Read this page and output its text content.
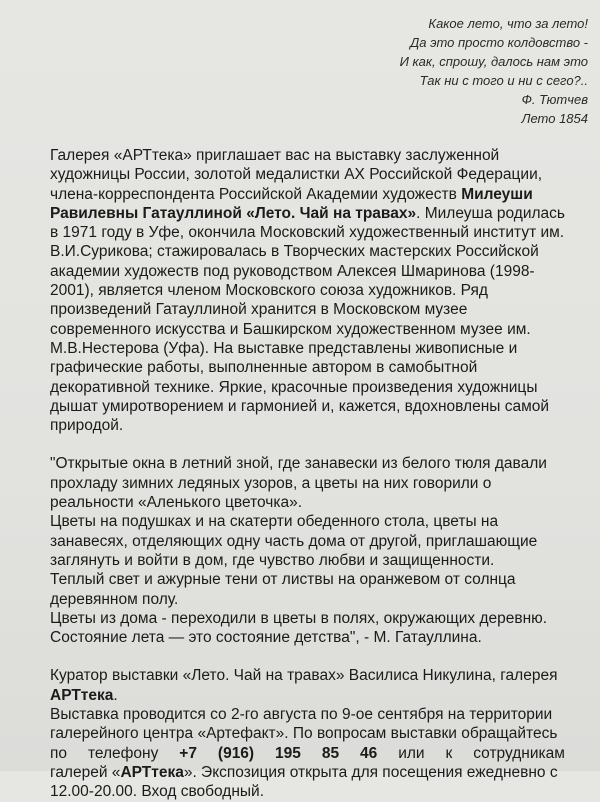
Какое лето, что за лето!
Да это просто колдовство -
И как, спрошу, далось нам это
Так ни с того и ни с сего?..
Ф. Тютчев
Лето 1854

Галерея «АРТтека» приглашает вас на выставку заслуженной художницы России, золотой медалистки АХ Российской Федерации, члена-корреспондента Российской Академии художеств Милеуши Равилевны Гатауллиной «Лето. Чай на травах». Милеуша родилась в 1971 году в Уфе, окончила Московский художественный институт им. В.И.Сурикова; стажировалась в Творческих мастерских Российской академии художеств под руководством Алексея Шмаринова (1998-2001), является членом Московского союза художников. Ряд произведений Гатауллиной хранится в Московском музее современного искусства и Башкирском художественном музее им. М.В.Нестерова (Уфа). На выставке представлены живописные и графические работы, выполненные автором в самобытной декоративной технике. Яркие, красочные произведения художницы дышат умиротворением и гармонией и, кажется, вдохновлены самой природой.

"Открытые окна в летний зной, где занавески из белого тюля давали прохладу зимних ледяных узоров, а цветы на них говорили о реальности «Аленького цветочка».

Цветы на подушках и на скатерти обеденного стола, цветы на занавесях, отделяющих одну часть дома от другой, приглашающие заглянуть и войти в дом, где чувство любви и защищенности.

Теплый свет и ажурные тени от листвы на оранжевом от солнца деревянном полу.

Цветы из дома - переходили в цветы в полях, окружающих деревню. Состояние лета — это состояние детства", - М. Гатауллина.

Куратор выставки «Лето. Чай на травах» Василиса Никулина, галерея АРТтека.

Выставка проводится со 2-го августа по 9-ое сентября на территории галерейного центра «Артефакт». По вопросам выставки обращайтесь

по телефону +7 (916) 195 85 46 или к сотрудникам

галерей «АРТтека». Экспозиция открыта для посещения ежедневно с 12.00-20.00. Вход свободный.
